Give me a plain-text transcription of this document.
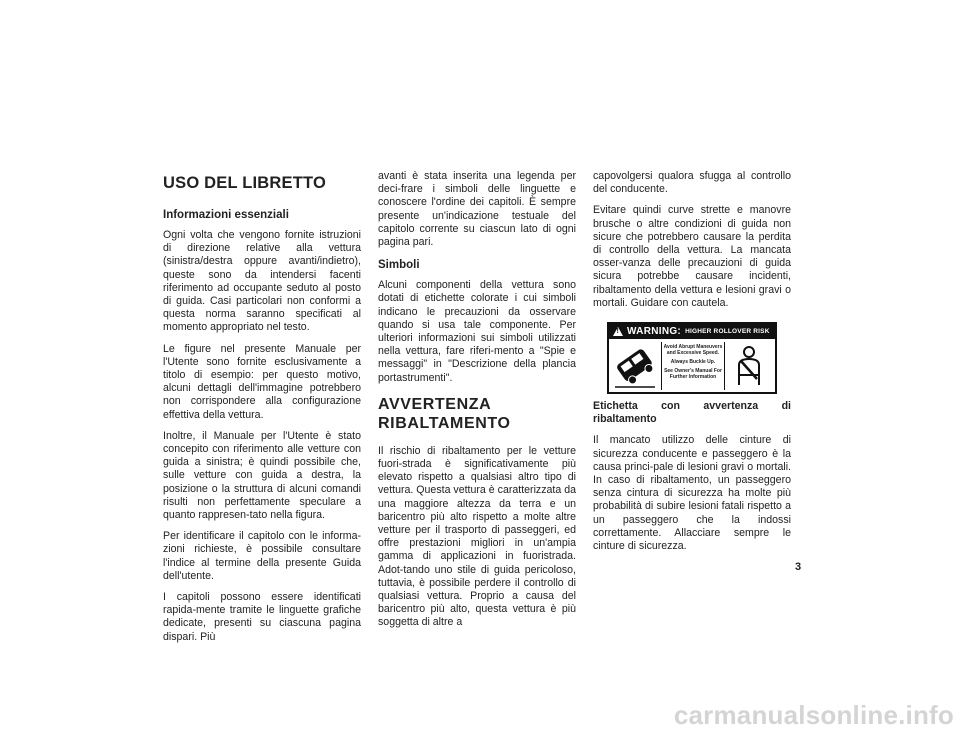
USO DEL LIBRETTO
Informazioni essenziali

Ogni volta che vengono fornite istruzioni di direzione relative alla vettura (sinistra/destra oppure avanti/indietro), queste sono da intendersi facenti riferimento ad occupante seduto al posto di guida. Casi particolari non conformi a questa norma saranno specificati al momento appropriato nel testo.

Le figure nel presente Manuale per l'Utente sono fornite esclusivamente a titolo di esempio: per questo motivo, alcuni dettagli dell'immagine potrebbero non corrispondere alla configurazione effettiva della vettura.

Inoltre, il Manuale per l'Utente è stato concepito con riferimento alle vetture con guida a sinistra; è quindi possibile che, sulle vetture con guida a destra, la posizione o la struttura di alcuni comandi risulti non perfettamente speculare a quanto rappresen-tato nella figura.

Per identificare il capitolo con le informa-zioni richieste, è possibile consultare l'indice al termine della presente Guida dell'utente.

I capitoli possono essere identificati rapida-mente tramite le linguette grafiche dedicate, presenti su ciascuna pagina dispari. Più

avanti è stata inserita una legenda per deci-frare i simboli delle linguette e conoscere l'ordine dei capitoli. È sempre presente un'indicazione testuale del capitolo corrente su ciascun lato di ogni pagina pari.

Simboli

Alcuni componenti della vettura sono dotati di etichette colorate i cui simboli indicano le precauzioni da osservare quando si usa tale componente. Per ulteriori informazioni sui simboli utilizzati nella vettura, fare riferi-mento a "Spie e messaggi" in "Descrizione della plancia portastrumenti".

AVVERTENZA
RIBALTAMENTO

Il rischio di ribaltamento per le vetture fuori-strada è significativamente più elevato rispetto a qualsiasi altro tipo di vettura. Questa vettura è caratterizzata da una maggiore altezza da terra e un baricentro più alto rispetto a molte altre vetture per il trasporto di passeggeri, ed offre prestazioni migliori in un'ampia gamma di applicazioni in fuoristrada. Adot-tando uno stile di guida pericoloso, tuttavia, è possibile perdere il controllo di qualsiasi vettura. Proprio a causa del baricentro più alto, questa vettura è più soggetta di altre a

capovolgersi qualora sfugga al controllo del conducente.

Evitare quindi curve strette e manovre brusche o altre condizioni di guida non sicure che potrebbero causare la perdita di controllo della vettura. La mancata osser-vanza delle precauzioni di guida sicura potrebbe causare incidenti, ribaltamento della vettura e lesioni gravi o mortali. Guidare con cautela.

! WARNING: HIGHER ROLLOVER RISK
Avoid Abrupt Maneuvers and Excessive Speed.
Always Buckle Up.
See Owner's Manual For Further Information

Etichetta con avvertenza di ribaltamento

Il mancato utilizzo delle cinture di sicurezza conducente e passeggero è la causa princi-pale di lesioni gravi o mortali. In caso di ribaltamento, un passeggero senza cintura di sicurezza ha molte più probabilità di subire lesioni fatali rispetto a un passeggero che la indossi correttamente. Allacciare sempre le cinture di sicurezza.

3
carmanualsonline.info
